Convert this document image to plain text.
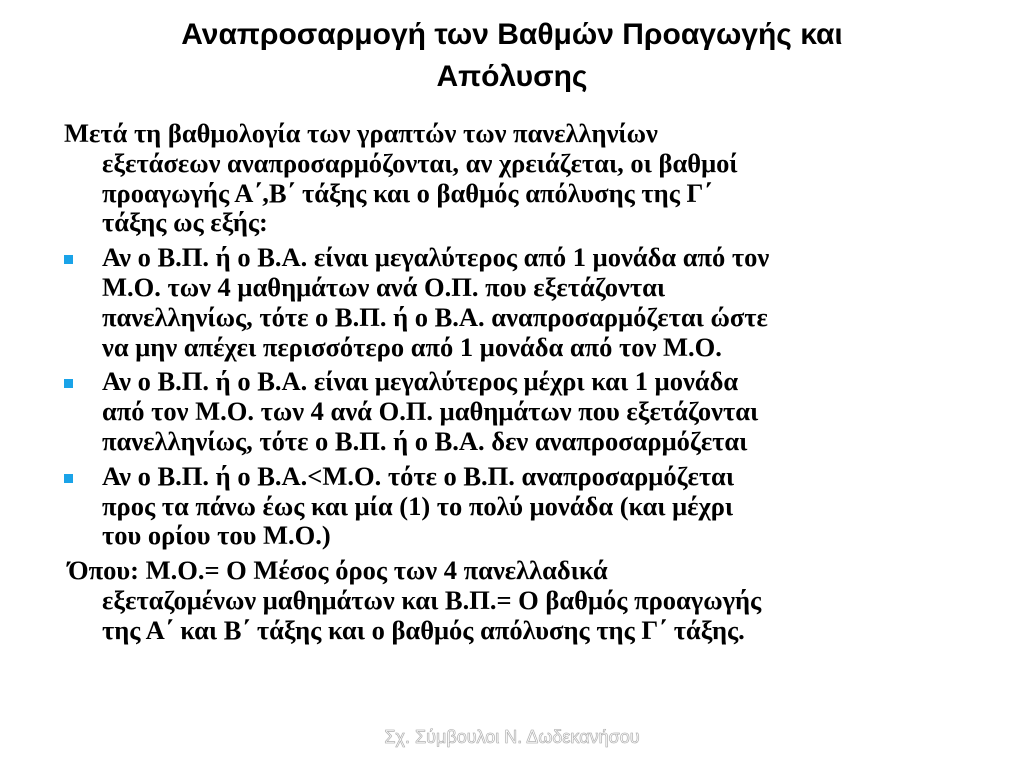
Αναπροσαρμογή των Βαθμών Προαγωγής και
Απόλυσης
Μετά τη βαθμολογία των γραπτών των πανελληνίων
εξετάσεων αναπροσαρμόζονται, αν χρειάζεται, οι βαθμοί
προαγωγής Α΄,Β΄ τάξης και ο βαθμός απόλυσης της Γ΄
τάξης ως εξής:
Αν ο Β.Π. ή ο Β.Α. είναι μεγαλύτερος από 1 μονάδα από τον
Μ.Ο. των 4 μαθημάτων ανά Ο.Π. που εξετάζονται
πανελληνίως, τότε ο Β.Π. ή ο Β.Α. αναπροσαρμόζεται ώστε
να μην απέχει περισσότερο από 1 μονάδα από τον Μ.Ο.
Αν ο Β.Π. ή ο Β.Α. είναι μεγαλύτερος μέχρι και 1 μονάδα
από τον Μ.Ο. των 4 ανά Ο.Π. μαθημάτων που εξετάζονται
πανελληνίως, τότε ο Β.Π. ή ο Β.Α. δεν αναπροσαρμόζεται
Αν ο Β.Π. ή ο Β.Α.<Μ.Ο. τότε ο Β.Π. αναπροσαρμόζεται
προς τα πάνω έως και μία (1) το πολύ μονάδα (και μέχρι
του ορίου του Μ.Ο.)
Όπου: Μ.Ο.= Ο Μέσος όρος των 4 πανελλαδικά
εξεταζομένων μαθημάτων και Β.Π.= Ο βαθμός προαγωγής
της Α΄ και Β΄ τάξης και ο βαθμός απόλυσης της Γ΄ τάξης.
Σχ. Σύμβουλοι Ν. Δωδεκανήσου
